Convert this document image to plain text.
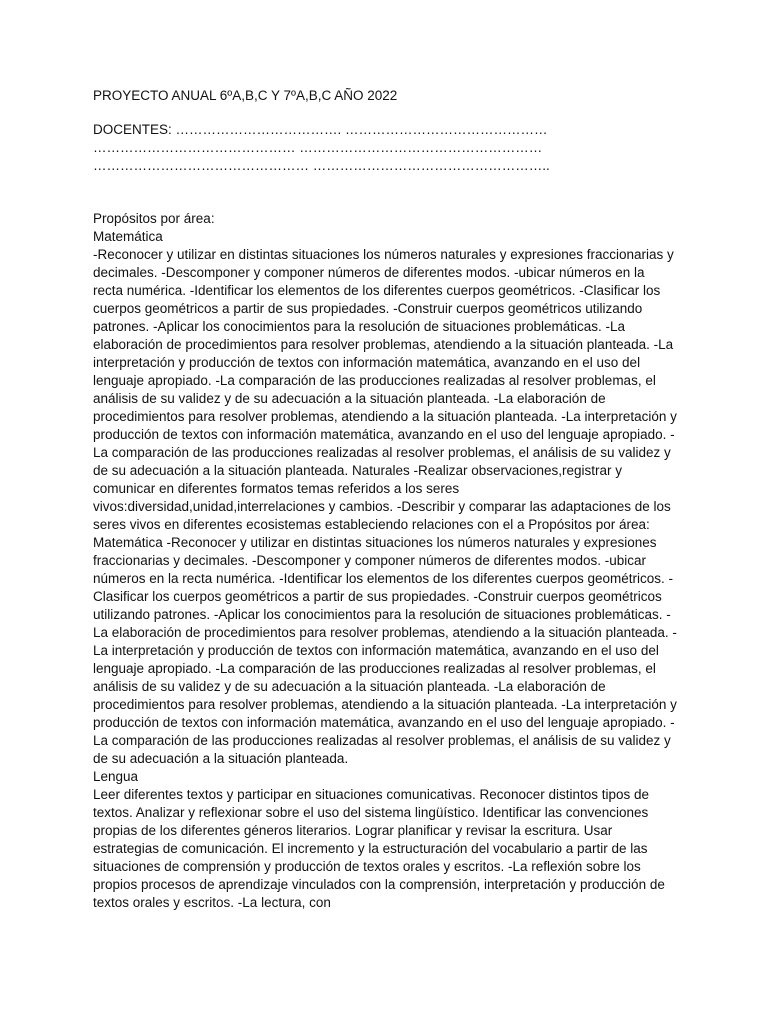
PROYECTO ANUAL 6ºA,B,C Y 7ºA,B,C AÑO 2022
DOCENTES: ………………………………. ………………………………………
……………………………………… ………………………………………………
………………………………………… ……………………………………………..

Propósitos por área:

Matemática

-Reconocer y utilizar en distintas situaciones los números naturales y expresiones fraccionarias y decimales. -Descomponer y componer números de diferentes modos. -ubicar números en la recta numérica. -Identificar los elementos de los diferentes cuerpos geométricos. -Clasificar los cuerpos geométricos a partir de sus propiedades. -Construir cuerpos geométricos utilizando patrones. -Aplicar los conocimientos para la resolución de situaciones problemáticas. -La elaboración de procedimientos para resolver problemas, atendiendo a la situación planteada. -La interpretación y producción de textos con información matemática, avanzando en el uso del lenguaje apropiado. -La comparación de las producciones realizadas al resolver problemas, el análisis de su validez y de su adecuación a la situación planteada. -La elaboración de procedimientos para resolver problemas, atendiendo a la situación planteada. -La interpretación y producción de textos con información matemática, avanzando en el uso del lenguaje apropiado. -La comparación de las producciones realizadas al resolver problemas, el análisis de su validez y de su adecuación a la situación planteada. Naturales -Realizar observaciones,registrar y comunicar en diferentes formatos temas referidos a los seres vivos:diversidad,unidad,interrelaciones y cambios. -Describir y comparar las adaptaciones de los seres vivos en diferentes ecosistemas estableciendo relaciones con el a Propósitos por área: Matemática -Reconocer y utilizar en distintas situaciones los números naturales y expresiones fraccionarias y decimales. -Descomponer y componer números de diferentes modos. -ubicar números en la recta numérica. -Identificar los elementos de los diferentes cuerpos geométricos. -Clasificar los cuerpos geométricos a partir de sus propiedades. -Construir cuerpos geométricos utilizando patrones. -Aplicar los conocimientos para la resolución de situaciones problemáticas. -La elaboración de procedimientos para resolver problemas, atendiendo a la situación planteada. -La interpretación y producción de textos con información matemática, avanzando en el uso del lenguaje apropiado. -La comparación de las producciones realizadas al resolver problemas, el análisis de su validez y de su adecuación a la situación planteada. -La elaboración de procedimientos para resolver problemas, atendiendo a la situación planteada. -La interpretación y producción de textos con información matemática, avanzando en el uso del lenguaje apropiado. -La comparación de las producciones realizadas al resolver problemas, el análisis de su validez y de su adecuación a la situación planteada.

Lengua

Leer diferentes textos y participar en situaciones comunicativas. Reconocer distintos tipos de textos. Analizar y reflexionar sobre el uso del sistema lingüístico. Identificar las convenciones propias de los diferentes géneros literarios. Lograr planificar y revisar la escritura. Usar estrategias de comunicación. El incremento y la estructuración del vocabulario a partir de las situaciones de comprensión y producción de textos orales y escritos. -La reflexión sobre los propios procesos de aprendizaje vinculados con la comprensión, interpretación y producción de textos orales y escritos. -La lectura, con
